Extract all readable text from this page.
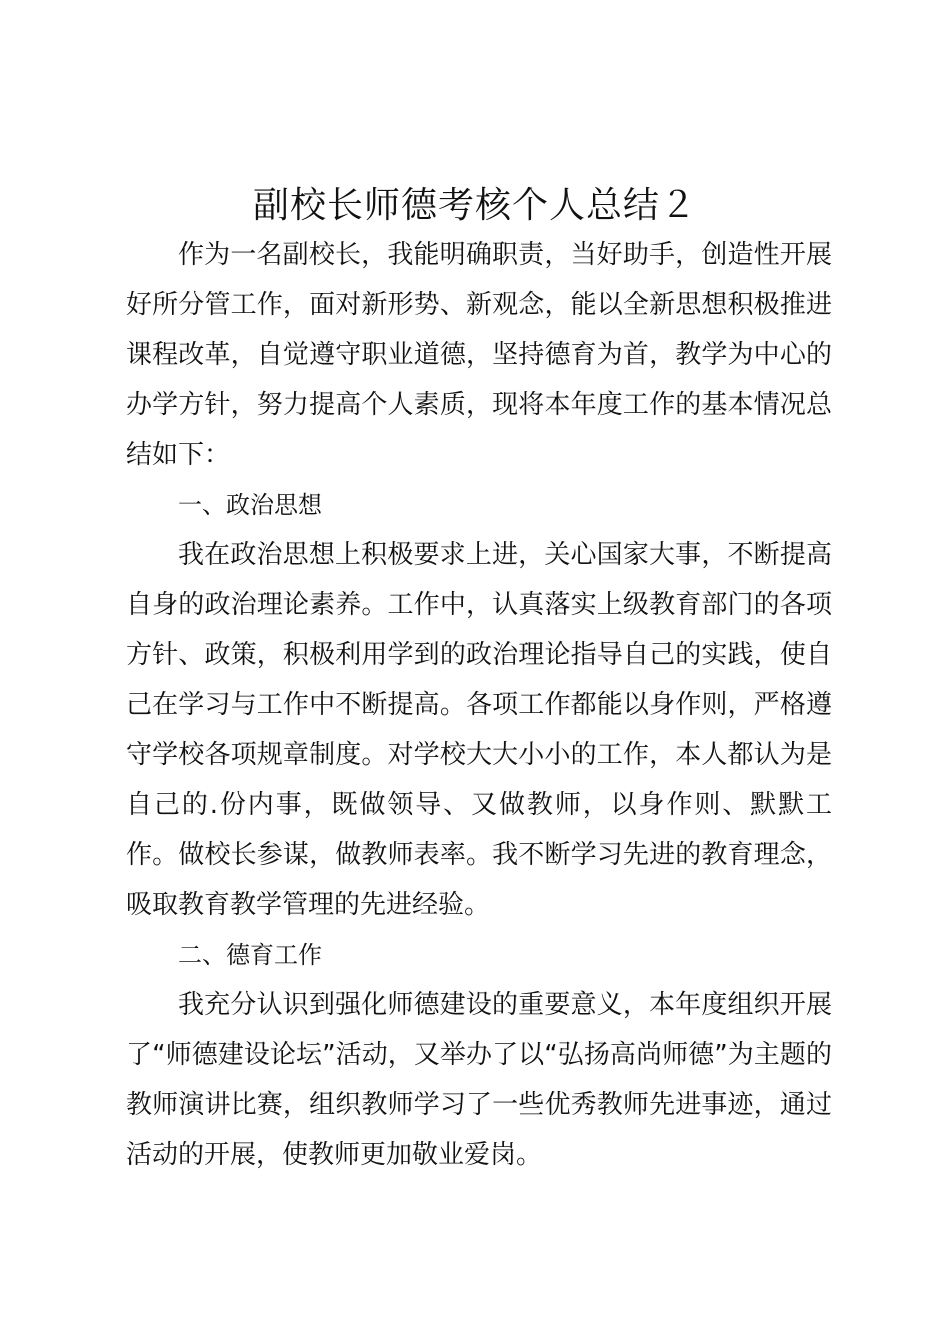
副校长师德考核个人总结２

作为一名副校长，我能明确职责，当好助手，创造性开展好所分管工作，面对新形势、新观念，能以全新思想积极推进课程改革，自觉遵守职业道德，坚持德育为首，教学为中心的办学方针，努力提高个人素质，现将本年度工作的基本情况总结如下：

一、政治思想

我在政治思想上积极要求上进，关心国家大事，不断提高自身的政治理论素养。工作中，认真落实上级教育部门的各项方针、政策，积极利用学到的政治理论指导自己的实践，使自己在学习与工作中不断提高。各项工作都能以身作则，严格遵守学校各项规章制度。对学校大大小小的工作，本人都认为是自己的.份内事，既做领导、又做教师，以身作则、默默工作。做校长参谋，做教师表率。我不断学习先进的教育理念，吸取教育教学管理的先进经验。

二、德育工作

我充分认识到强化师德建设的重要意义，本年度组织开展了“师德建设论坛”活动，又举办了以“弘扬高尚师德”为主题的教师演讲比赛，组织教师学习了一些优秀教师先进事迹，通过活动的开展，使教师更加敬业爱岗。
